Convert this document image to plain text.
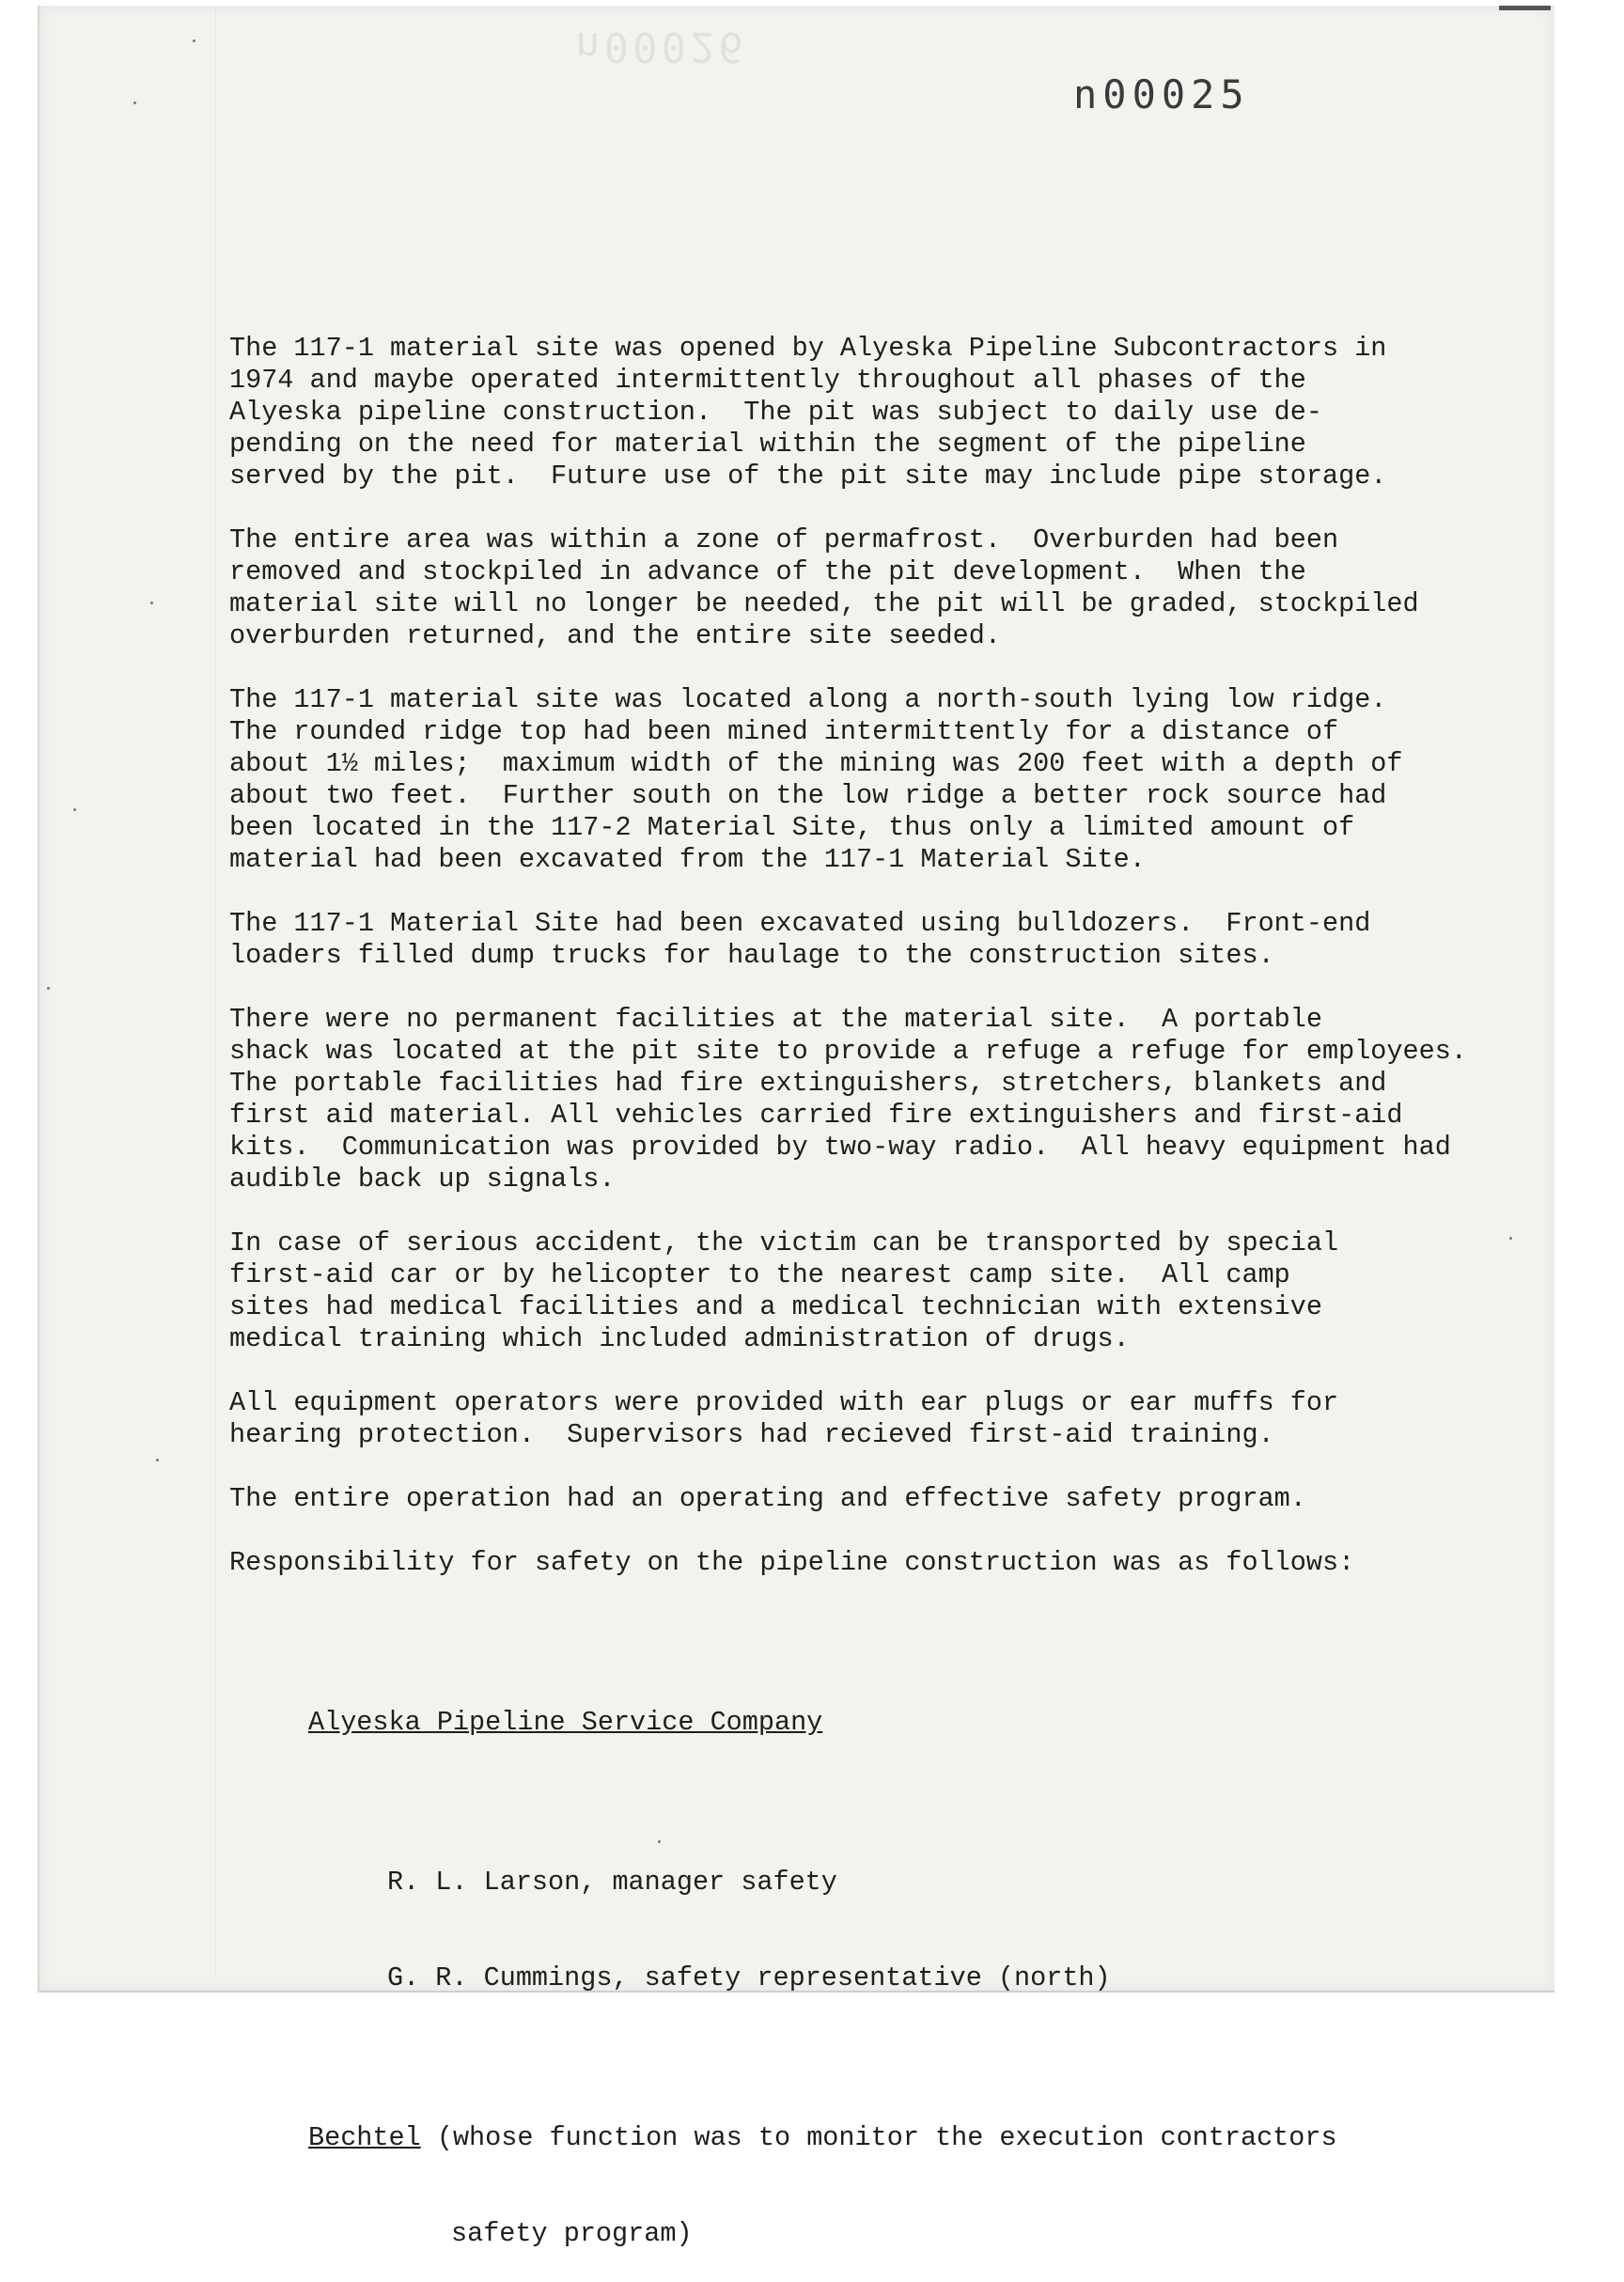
n00026
n00025

The 117-1 material site was opened by Alyeska Pipeline Subcontractors in
1974 and maybe operated intermittently throughout all phases of the
Alyeska pipeline construction.  The pit was subject to daily use de-
pending on the need for material within the segment of the pipeline
served by the pit.  Future use of the pit site may include pipe storage.
The entire area was within a zone of permafrost.  Overburden had been
removed and stockpiled in advance of the pit development.  When the
material site will no longer be needed, the pit will be graded, stockpiled
overburden returned, and the entire site seeded.
The 117-1 material site was located along a north-south lying low ridge.
The rounded ridge top had been mined intermittently for a distance of
about 1½ miles;  maximum width of the mining was 200 feet with a depth of
about two feet.  Further south on the low ridge a better rock source had
been located in the 117-2 Material Site, thus only a limited amount of
material had been excavated from the 117-1 Material Site.
The 117-1 Material Site had been excavated using bulldozers.  Front-end
loaders filled dump trucks for haulage to the construction sites.
There were no permanent facilities at the material site.  A portable
shack was located at the pit site to provide a refuge a refuge for employees.
The portable facilities had fire extinguishers, stretchers, blankets and
first aid material. All vehicles carried fire extinguishers and first-aid
kits.  Communication was provided by two-way radio.  All heavy equipment had
audible back up signals.
In case of serious accident, the victim can be transported by special
first-aid car or by helicopter to the nearest camp site.  All camp
sites had medical facilities and a medical technician with extensive
medical training which included administration of drugs.
All equipment operators were provided with ear plugs or ear muffs for
hearing protection.  Supervisors had recieved first-aid training.
The entire operation had an operating and effective safety program.
Responsibility for safety on the pipeline construction was as follows:

Alyeska Pipeline Service Company

R. L. Larson, manager safety

G. R. Cummings, safety representative (north)

Bechtel (whose function was to monitor the execution contractors

safety program)
